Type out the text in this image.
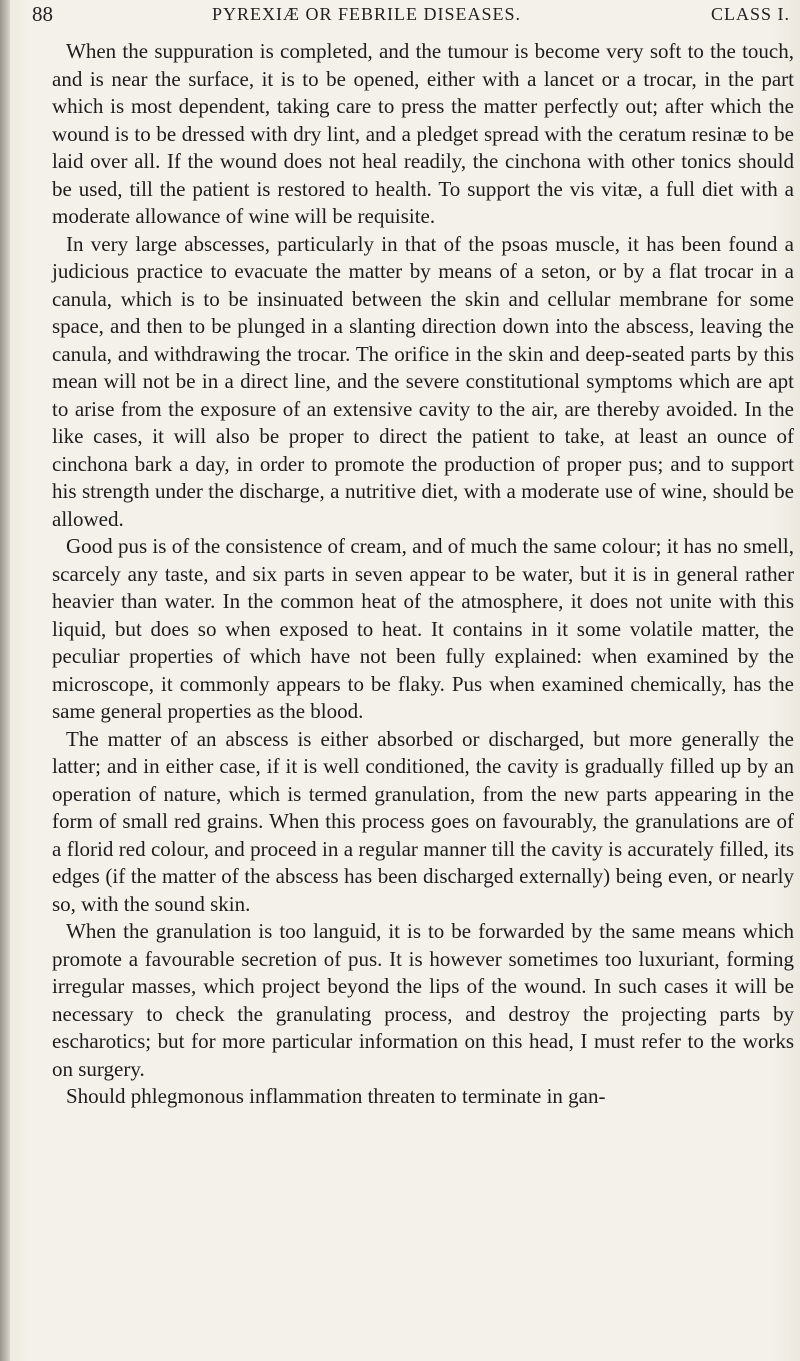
88	PYREXIÆ OR FEBRILE DISEASES.	CLASS I.

When the suppuration is completed, and the tumour is become very soft to the touch, and is near the surface, it is to be opened, either with a lancet or a trocar, in the part which is most dependent, taking care to press the matter perfectly out; after which the wound is to be dressed with dry lint, and a pledget spread with the ceratum resinæ to be laid over all. If the wound does not heal readily, the cinchona with other tonics should be used, till the patient is restored to health. To support the vis vitæ, a full diet with a moderate allowance of wine will be requisite.

In very large abscesses, particularly in that of the psoas muscle, it has been found a judicious practice to evacuate the matter by means of a seton, or by a flat trocar in a canula, which is to be insinuated between the skin and cellular membrane for some space, and then to be plunged in a slanting direction down into the abscess, leaving the canula, and withdrawing the trocar. The orifice in the skin and deep-seated parts by this mean will not be in a direct line, and the severe constitutional symptoms which are apt to arise from the exposure of an extensive cavity to the air, are thereby avoided. In the like cases, it will also be proper to direct the patient to take, at least an ounce of cinchona bark a day, in order to promote the production of proper pus; and to support his strength under the discharge, a nutritive diet, with a moderate use of wine, should be allowed.

Good pus is of the consistence of cream, and of much the same colour; it has no smell, scarcely any taste, and six parts in seven appear to be water, but it is in general rather heavier than water. In the common heat of the atmosphere, it does not unite with this liquid, but does so when exposed to heat. It contains in it some volatile matter, the peculiar properties of which have not been fully explained: when examined by the microscope, it commonly appears to be flaky. Pus when examined chemically, has the same general properties as the blood.

The matter of an abscess is either absorbed or discharged, but more generally the latter; and in either case, if it is well conditioned, the cavity is gradually filled up by an operation of nature, which is termed granulation, from the new parts appearing in the form of small red grains. When this process goes on favourably, the granulations are of a florid red colour, and proceed in a regular manner till the cavity is accurately filled, its edges (if the matter of the abscess has been discharged externally) being even, or nearly so, with the sound skin.

When the granulation is too languid, it is to be forwarded by the same means which promote a favourable secretion of pus. It is however sometimes too luxuriant, forming irregular masses, which project beyond the lips of the wound. In such cases it will be necessary to check the granulating process, and destroy the projecting parts by escharotics; but for more particular information on this head, I must refer to the works on surgery.

Should phlegmonous inflammation threaten to terminate in gan-
